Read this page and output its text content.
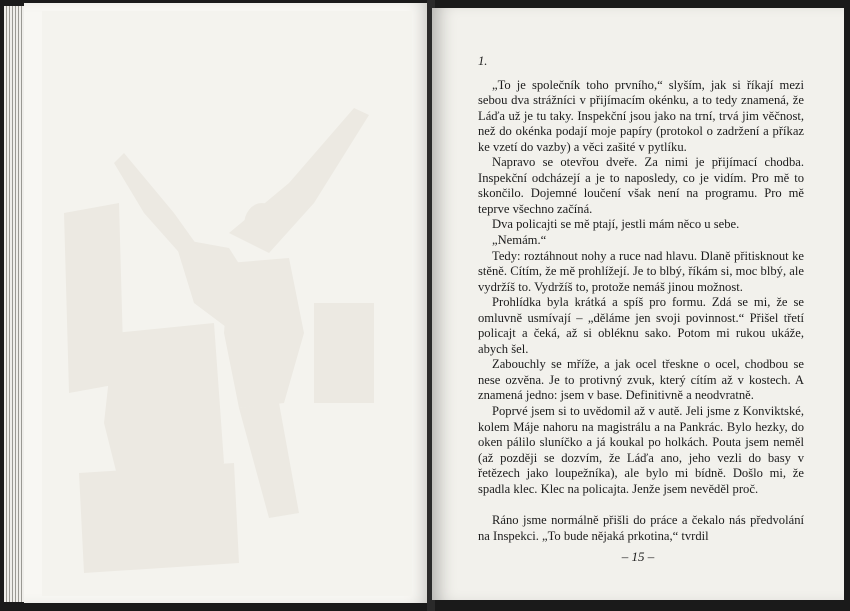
1.

„To je společník toho prvního,“ slyším, jak si říkají mezi sebou dva strážníci v přijímacím okénku, a to tedy znamená, že Láďa už je tu taky. Inspekční jsou jako na trní, trvá jim věčnost, než do okénka podají moje papíry (protokol o zadržení a příkaz ke vzetí do vazby) a věci zašité v pytlíku.

Napravo se otevřou dveře. Za nimi je přijímací chodba. Inspekční odcházejí a je to naposledy, co je vidím. Pro mě to skončilo. Dojemné loučení však není na programu. Pro mě teprve všechno začíná.

Dva policajti se mě ptají, jestli mám něco u sebe.

„Nemám.“

Tedy: roztáhnout nohy a ruce nad hlavu. Dlaně přitisknout ke stěně. Cítím, že mě prohlížejí. Je to blbý, říkám si, moc blbý, ale vydržíš to. Vydržíš to, protože nemáš jinou možnost.

Prohlídka byla krátká a spíš pro formu. Zdá se mi, že se omluvně usmívají – „děláme jen svoji povinnost.“ Přišel třetí policajt a čeká, až si obléknu sako. Potom mi rukou ukáže, abych šel.

Zabouchly se mříže, a jak ocel třeskne o ocel, chodbou se nese ozvěna. Je to protivný zvuk, který cítím až v kostech. A znamená jedno: jsem v base. Definitivně a neodvratně.

Poprvé jsem si to uvědomil až v autě. Jeli jsme z Konviktské, kolem Máje nahoru na magistrálu a na Pankrác. Bylo hezky, do oken pálilo sluníčko a já koukal po holkách. Pouta jsem neměl (až později se dozvím, že Láďa ano, jeho vezli do basy v řetězech jako loupežníka), ale bylo mi bídně. Došlo mi, že spadla klec. Klec na policajta. Jenže jsem nevěděl proč.

Ráno jsme normálně přišli do práce a čekalo nás předvolání na Inspekci. „To bude nějaká prkotina,“ tvrdil

– 15 –
